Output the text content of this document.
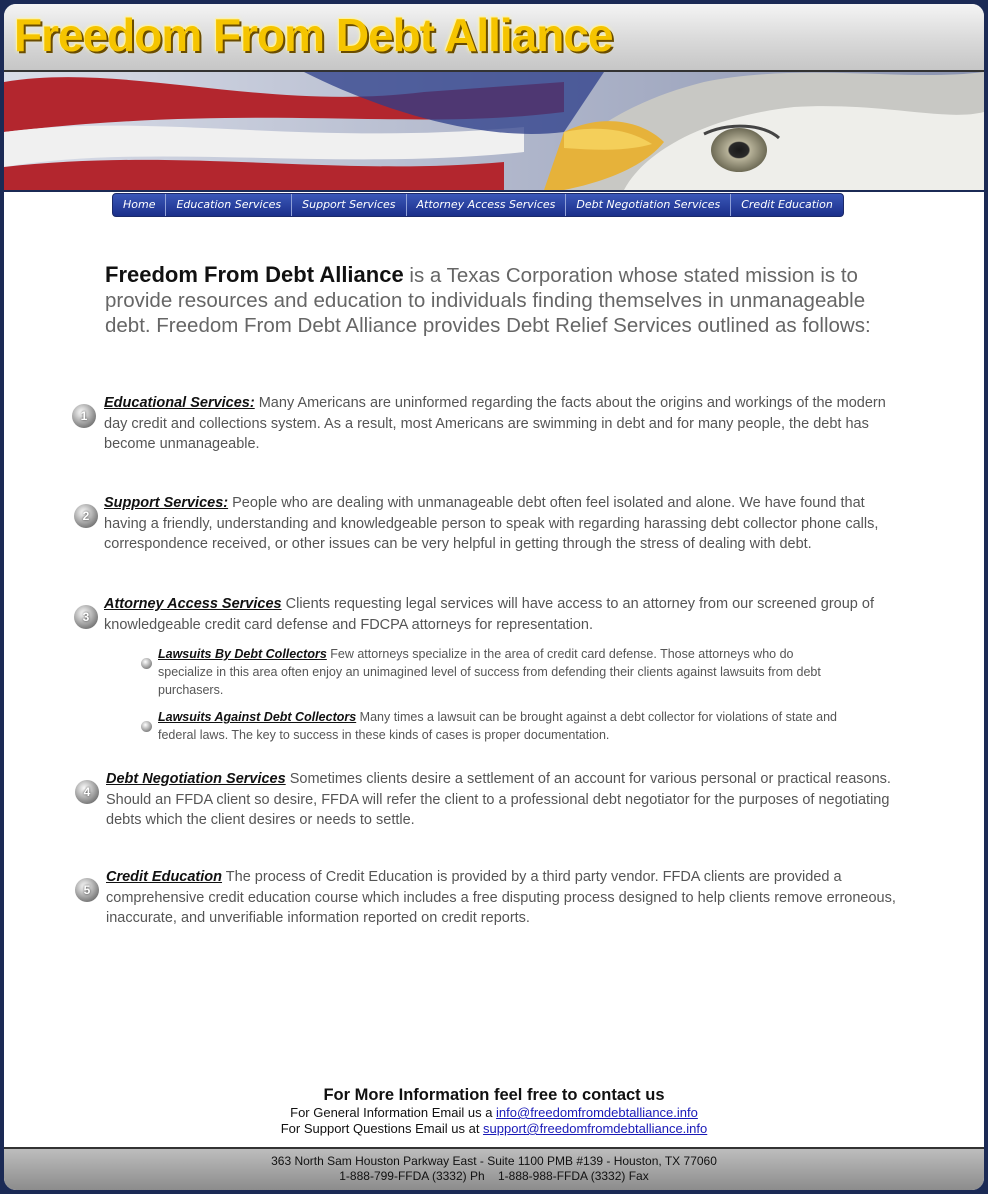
Freedom From Debt Alliance
Home	Education Services	Support Services	Attorney Access Services	Debt Negotiation Services	Credit Education
Freedom From Debt Alliance is a Texas Corporation whose stated mission is to provide resources and education to individuals finding themselves in unmanageable debt. Freedom From Debt Alliance provides Debt Relief Services outlined as follows:
1
Educational Services: Many Americans are uninformed regarding the facts about the origins and workings of the modern day credit and collections system. As a result, most Americans are swimming in debt and for many people, the debt has become unmanageable.
2
Support Services: People who are dealing with unmanageable debt often feel isolated and alone. We have found that having a friendly, understanding and knowledgeable person to speak with regarding harassing debt collector phone calls, correspondence received, or other issues can be very helpful in getting through the stress of dealing with debt.
3
Attorney Access Services Clients requesting legal services will have access to an attorney from our screened group of knowledgeable credit card defense and FDCPA attorneys for representation.
Lawsuits By Debt Collectors Few attorneys specialize in the area of credit card defense. Those attorneys who do specialize in this area often enjoy an unimagined level of success from defending their clients against lawsuits from debt purchasers.
Lawsuits Against Debt Collectors Many times a lawsuit can be brought against a debt collector for violations of state and federal laws. The key to success in these kinds of cases is proper documentation.
4
Debt Negotiation Services Sometimes clients desire a settlement of an account for various personal or practical reasons. Should an FFDA client so desire, FFDA will refer the client to a professional debt negotiator for the purposes of negotiating debts which the client desires or needs to settle.
5
Credit Education The process of Credit Education is provided by a third party vendor. FFDA clients are provided a comprehensive credit education course which includes a free disputing process designed to help clients remove erroneous, inaccurate, and unverifiable information reported on credit reports.
For More Information feel free to contact us
For General Information Email us a info@freedomfromdebtalliance.info
For Support Questions Email us at support@freedomfromdebtalliance.info
363 North Sam Houston Parkway East - Suite 1100 PMB #139 - Houston, TX 77060
1-888-799-FFDA (3332) Ph    1-888-988-FFDA (3332) Fax
